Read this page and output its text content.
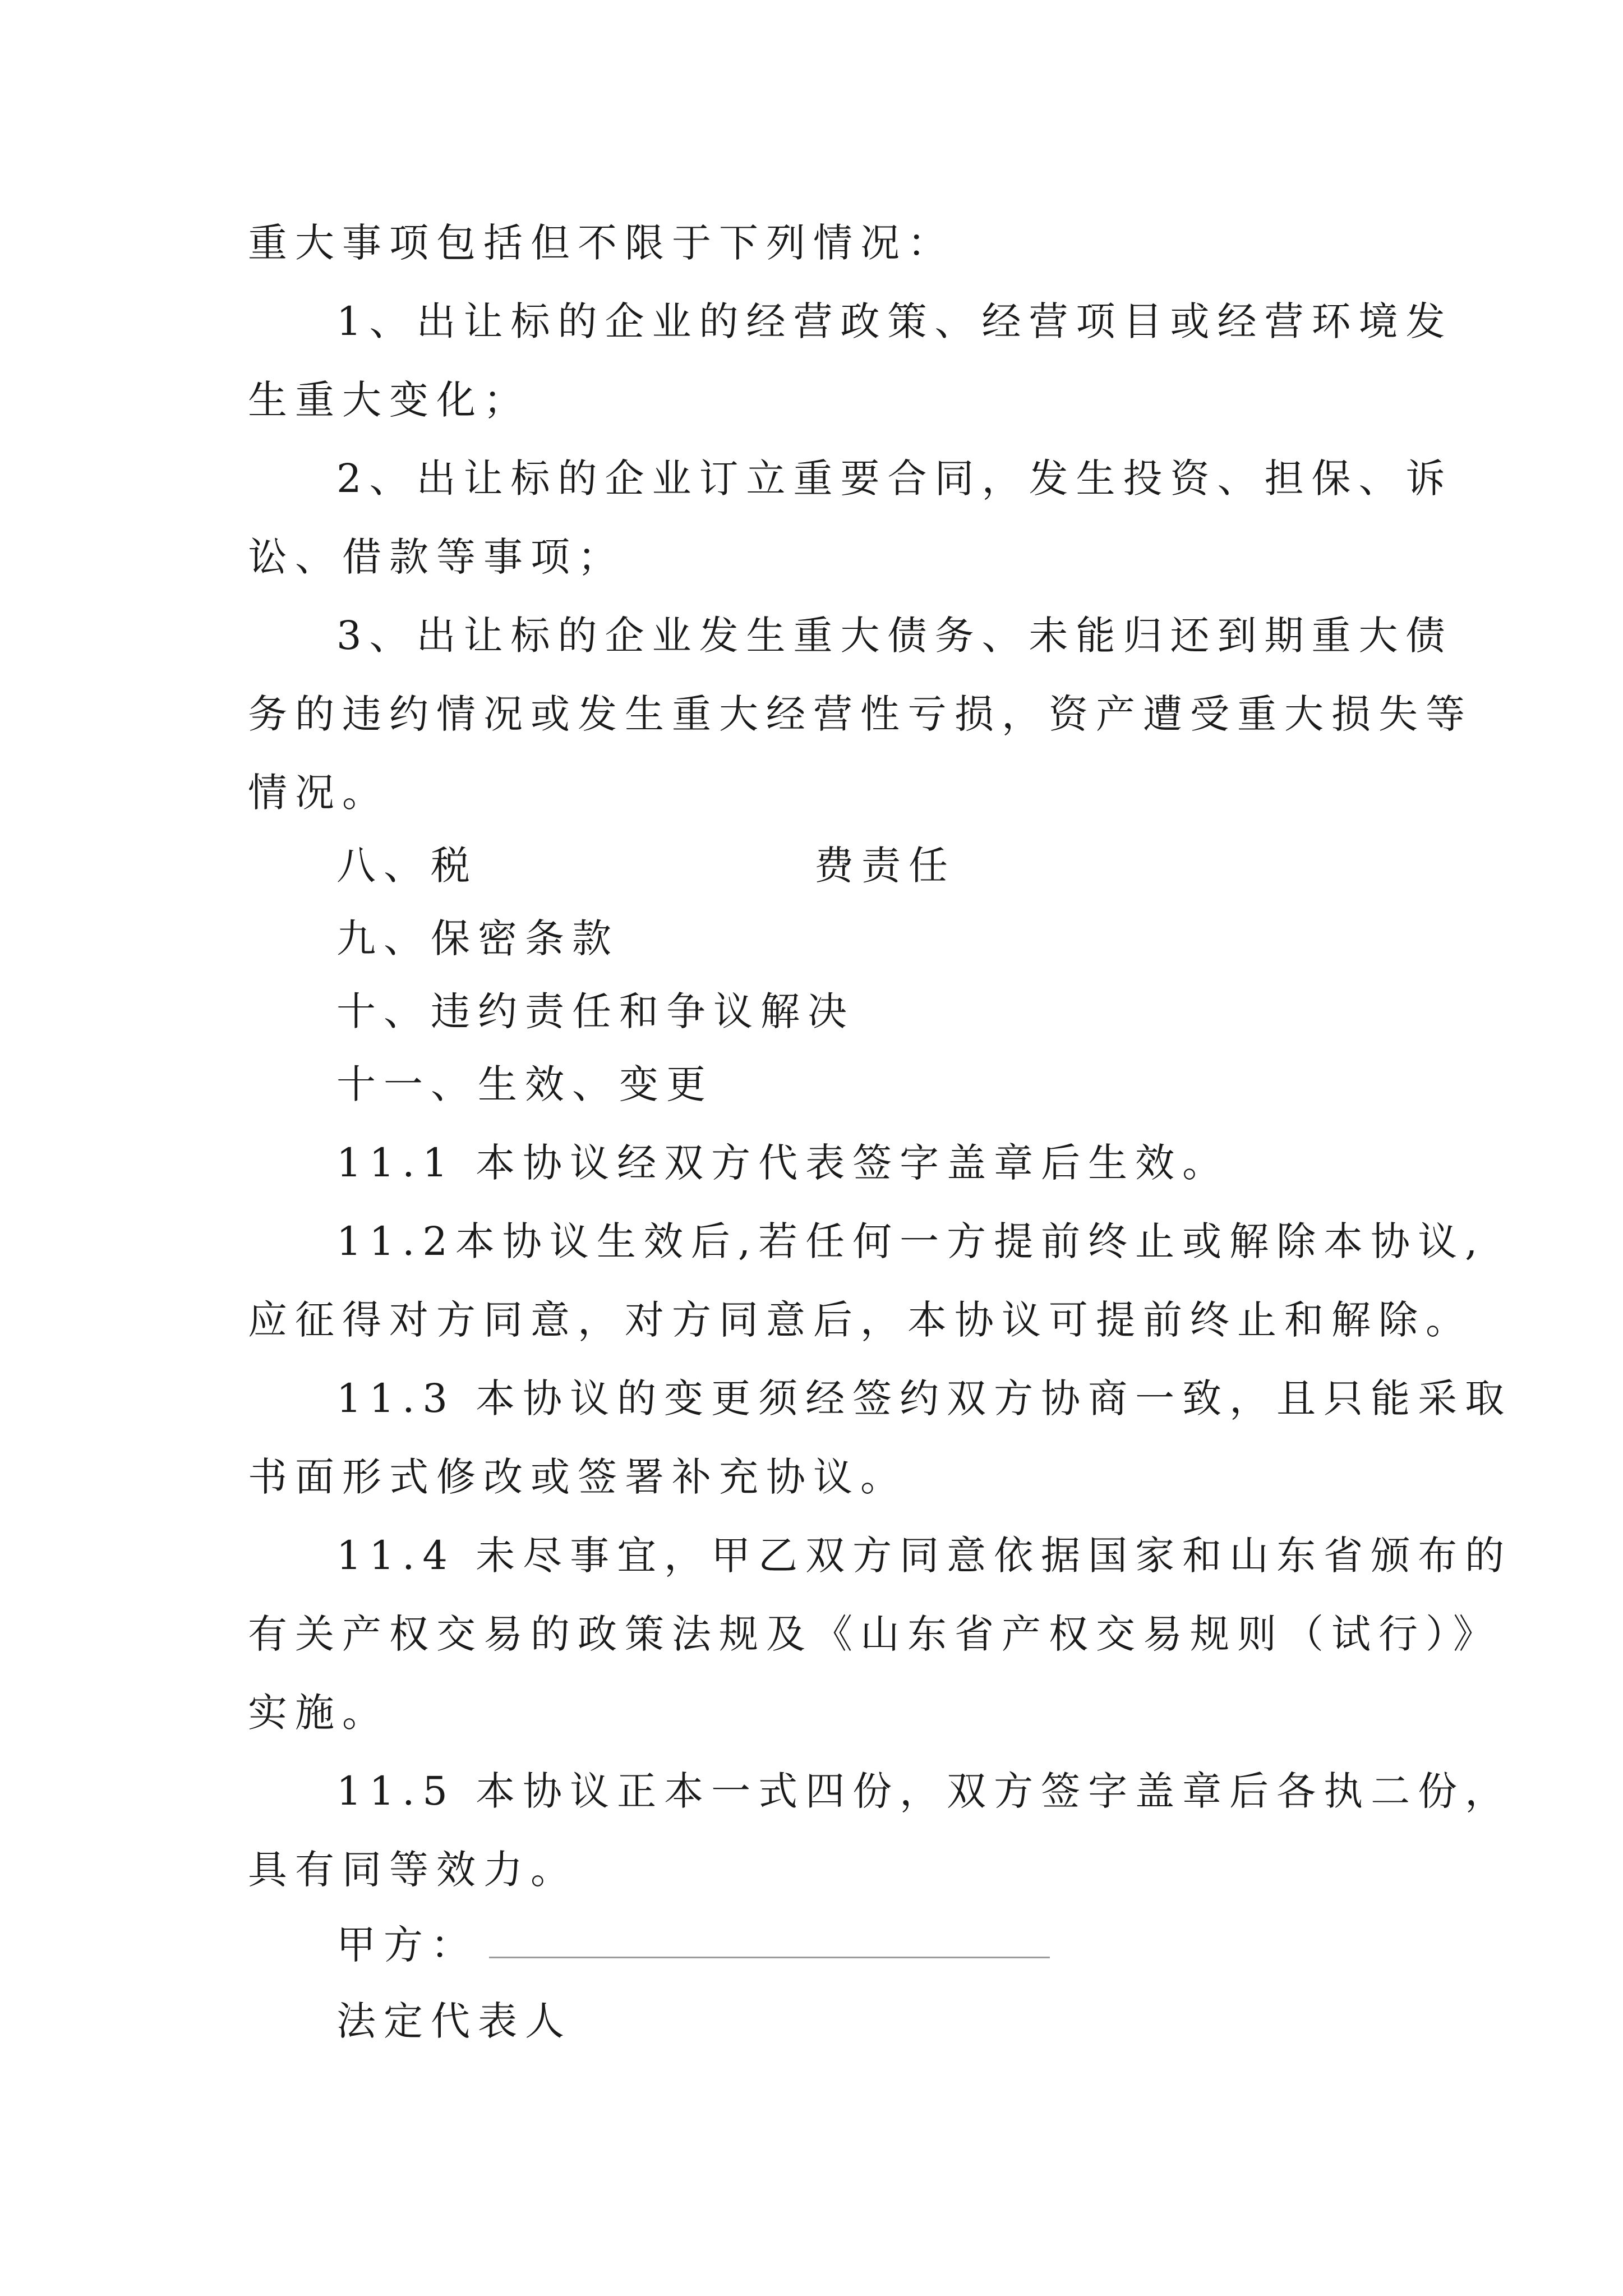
重大事项包括但不限于下列情况：
1、出让标的企业的经营政策、经营项目或经营环境发
生重大变化；
2、出让标的企业订立重要合同，发生投资、担保、诉
讼、借款等事项；
3、出让标的企业发生重大债务、未能归还到期重大债
务的违约情况或发生重大经营性亏损，资产遭受重大损失等
情况。
八、税	费责任
九、保密条款
十、违约责任和争议解决
十一、生效、变更
11.1 本协议经双方代表签字盖章后生效。
11.2本协议生效后,若任何一方提前终止或解除本协议,
应征得对方同意，对方同意后，本协议可提前终止和解除。
11.3 本协议的变更须经签约双方协商一致，且只能采取
书面形式修改或签署补充协议。
11.4 未尽事宜，甲乙双方同意依据国家和山东省颁布的
有关产权交易的政策法规及《山东省产权交易规则（试行）》
实施。
11.5 本协议正本一式四份，双方签字盖章后各执二份，
具有同等效力。
甲方：
法定代表人
